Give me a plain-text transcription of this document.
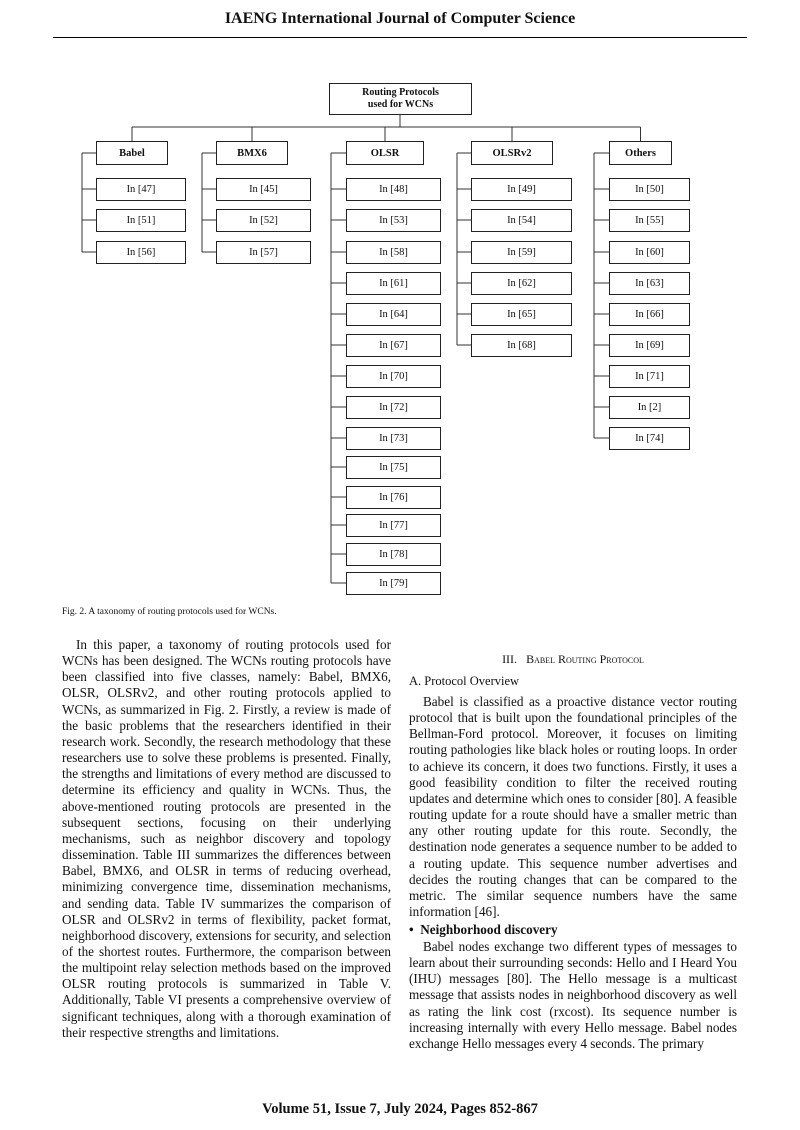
IAENG International Journal of Computer Science
Routing Protocols
used for WCNs
Babel
In [47]
In [51]
In [56]
BMX6
In [45]
In [52]
In [57]
OLSR
In [48]
In [53]
In [58]
In [61]
In [64]
In [67]
In [70]
In [72]
In [73]
In [75]
In [76]
In [77]
In [78]
In [79]
OLSRv2
In [49]
In [54]
In [59]
In [62]
In [65]
In [68]
Others
In [50]
In [55]
In [60]
In [63]
In [66]
In [69]
In [71]
In [2]
In [74]
Fig. 2. A taxonomy of routing protocols used for WCNs.

In this paper, a taxonomy of routing protocols used for WCNs has been designed. The WCNs routing protocols have been classified into five classes, namely: Babel, BMX6, OLSR, OLSRv2, and other routing protocols applied to WCNs, as summarized in Fig. 2. Firstly, a review is made of the basic problems that the researchers identified in their research work. Secondly, the research methodology that these researchers use to solve these problems is presented. Finally, the strengths and limitations of every method are discussed to determine its efficiency and quality in WCNs. Thus, the above-mentioned routing protocols are presented in the subsequent sections, focusing on their underlying mechanisms, such as neighbor discovery and topology dissemination. Table III summarizes the differences between Babel, BMX6, and OLSR in terms of reducing overhead, minimizing convergence time, dissemination mechanisms, and sending data. Table IV summarizes the comparison of OLSR and OLSRv2 in terms of flexibility, packet format, neighborhood discovery, extensions for security, and selection of the shortest routes. Furthermore, the comparison between the multipoint relay selection methods based on the improved OLSR routing protocols is summarized in Table V. Additionally, Table VI presents a comprehensive overview of significant techniques, along with a thorough examination of their respective strengths and limitations.

III. Babel Routing Protocol
A. Protocol Overview

Babel is classified as a proactive distance vector routing protocol that is built upon the foundational principles of the Bellman-Ford protocol. Moreover, it focuses on limiting routing pathologies like black holes or routing loops. In order to achieve its concern, it does two functions. Firstly, it uses a good feasibility condition to filter the received routing updates and determine which ones to consider [80]. A feasible routing update for a route should have a smaller metric than any other routing update for this route. Secondly, the destination node generates a sequence number to be added to a routing update. This sequence number advertises and decides the routing changes that can be compared to the metric. The similar sequence numbers have the same information [46].

• Neighborhood discovery

Babel nodes exchange two different types of messages to learn about their surrounding seconds: Hello and I Heard You (IHU) messages [80]. The Hello message is a multicast message that assists nodes in neighborhood discovery as well as rating the link cost (rxcost). Its sequence number is increasing internally with every Hello message. Babel nodes exchange Hello messages every 4 seconds. The primary

Volume 51, Issue 7, July 2024, Pages 852-867
